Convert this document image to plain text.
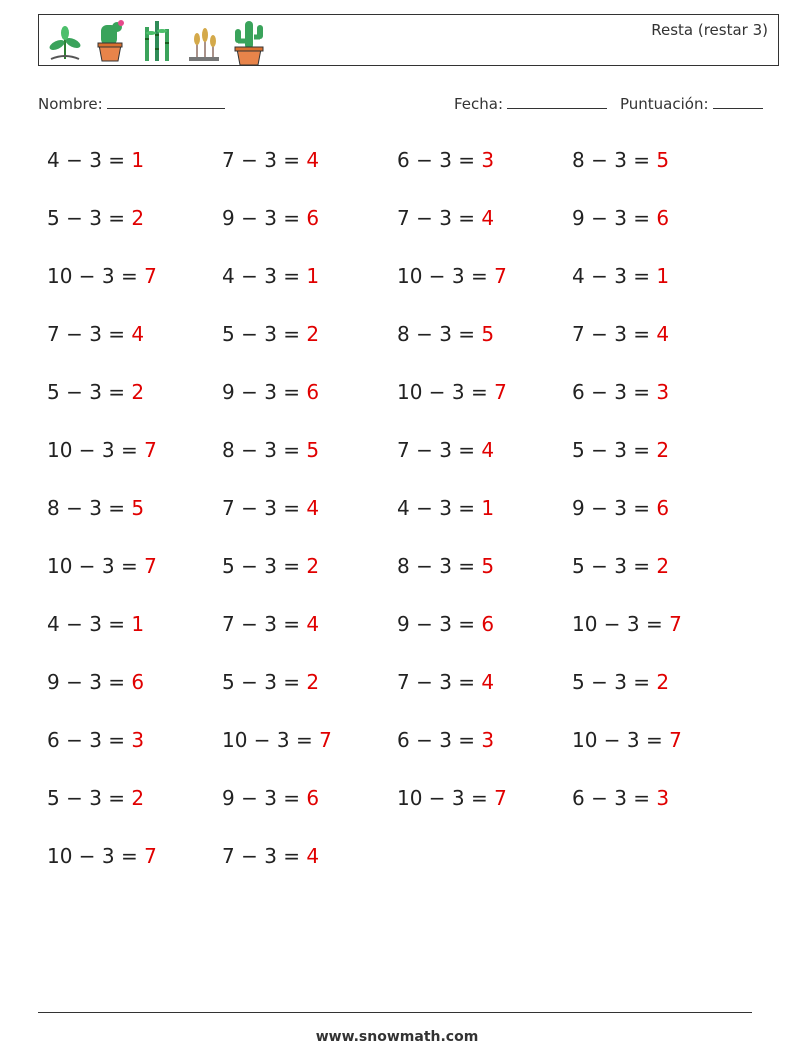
Resta (restar 3)
Nombre:	Fecha:	Puntuación:
4 − 3 = 1	7 − 3 = 4	6 − 3 = 3	8 − 3 = 5
5 − 3 = 2	9 − 3 = 6	7 − 3 = 4	9 − 3 = 6
10 − 3 = 7	4 − 3 = 1	10 − 3 = 7	4 − 3 = 1
7 − 3 = 4	5 − 3 = 2	8 − 3 = 5	7 − 3 = 4
5 − 3 = 2	9 − 3 = 6	10 − 3 = 7	6 − 3 = 3
10 − 3 = 7	8 − 3 = 5	7 − 3 = 4	5 − 3 = 2
8 − 3 = 5	7 − 3 = 4	4 − 3 = 1	9 − 3 = 6
10 − 3 = 7	5 − 3 = 2	8 − 3 = 5	5 − 3 = 2
4 − 3 = 1	7 − 3 = 4	9 − 3 = 6	10 − 3 = 7
9 − 3 = 6	5 − 3 = 2	7 − 3 = 4	5 − 3 = 2
6 − 3 = 3	10 − 3 = 7	6 − 3 = 3	10 − 3 = 7
5 − 3 = 2	9 − 3 = 6	10 − 3 = 7	6 − 3 = 3
10 − 3 = 7	7 − 3 = 4
www.snowmath.com
